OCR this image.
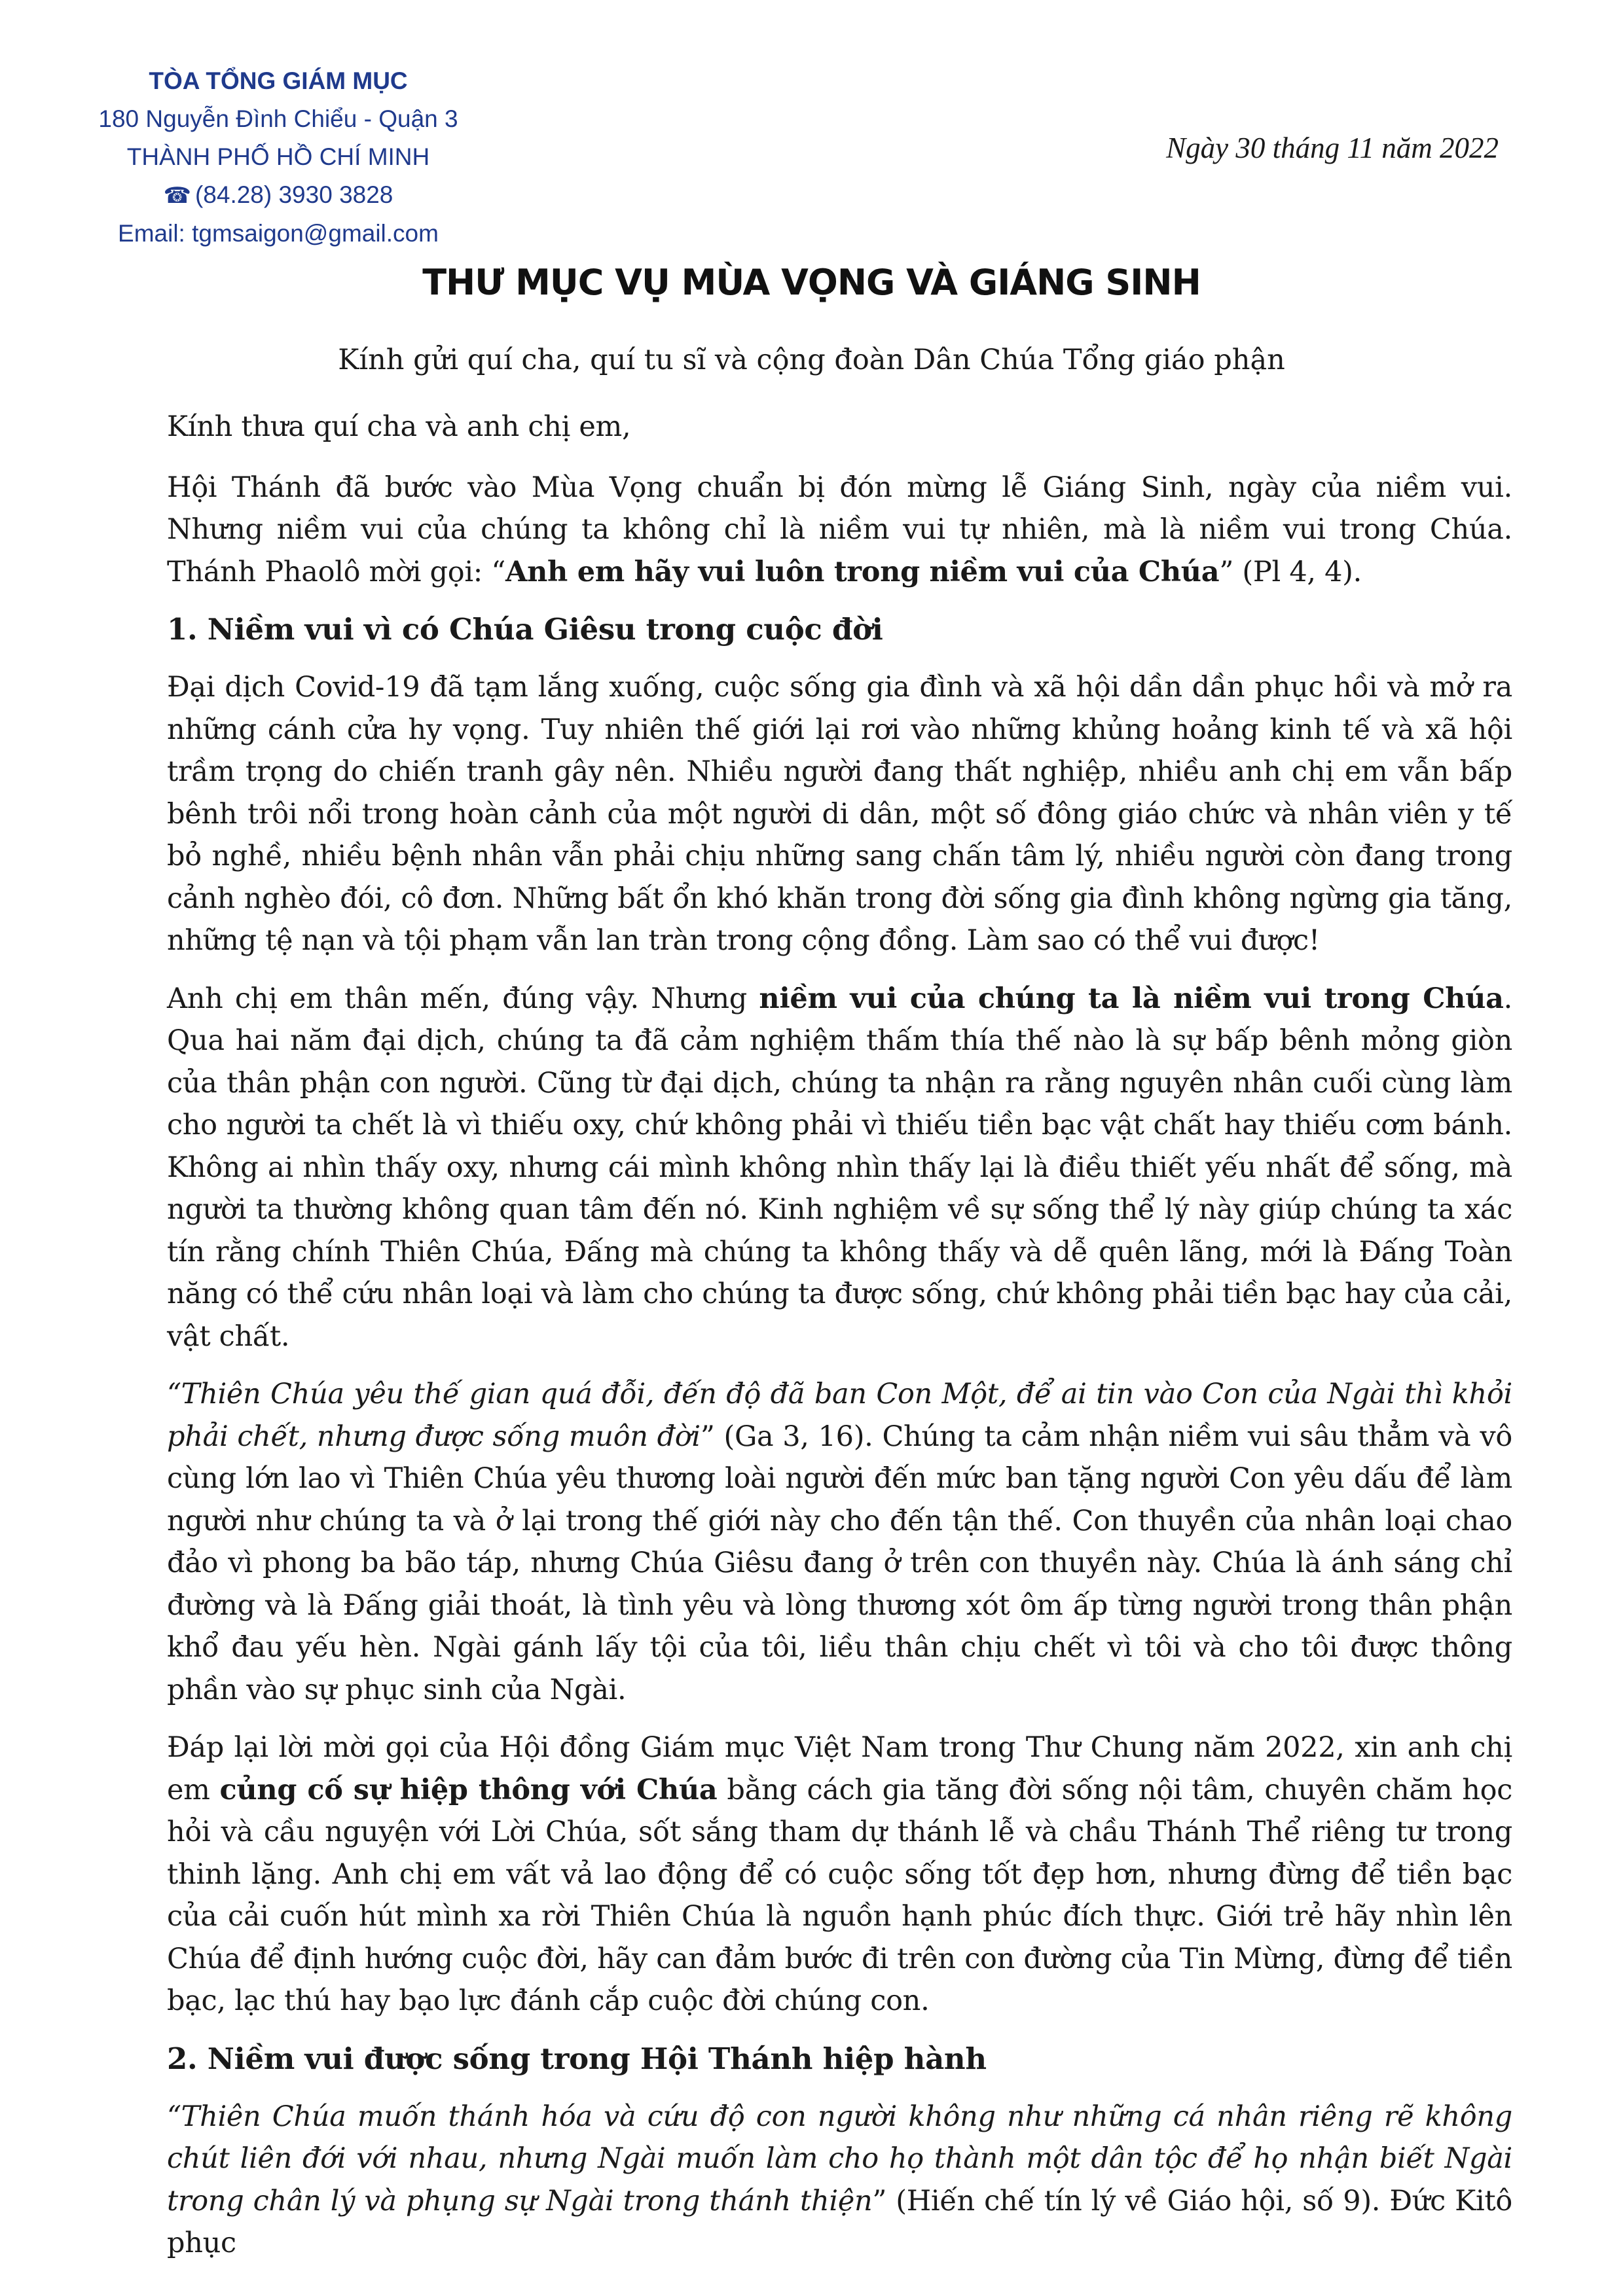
TÒA TỔNG GIÁM MỤC
180 Nguyễn Đình Chiểu - Quận 3
THÀNH PHỐ HỒ CHÍ MINH
☎ (84.28) 3930 3828
Email: tgmsaigon@gmail.com
Ngày 30 tháng 11 năm 2022
THƯ MỤC VỤ MÙA VỌNG VÀ GIÁNG SINH
Kính gửi quí cha, quí tu sĩ và cộng đoàn Dân Chúa Tổng giáo phận

Kính thưa quí cha và anh chị em,

Hội Thánh đã bước vào Mùa Vọng chuẩn bị đón mừng lễ Giáng Sinh, ngày của niềm vui. Nhưng niềm vui của chúng ta không chỉ là niềm vui tự nhiên, mà là niềm vui trong Chúa. Thánh Phaolô mời gọi: “Anh em hãy vui luôn trong niềm vui của Chúa” (Pl 4, 4).

1. Niềm vui vì có Chúa Giêsu trong cuộc đời

Đại dịch Covid-19 đã tạm lắng xuống, cuộc sống gia đình và xã hội dần dần phục hồi và mở ra những cánh cửa hy vọng. Tuy nhiên thế giới lại rơi vào những khủng hoảng kinh tế và xã hội trầm trọng do chiến tranh gây nên. Nhiều người đang thất nghiệp, nhiều anh chị em vẫn bấp bênh trôi nổi trong hoàn cảnh của một người di dân, một số đông giáo chức và nhân viên y tế bỏ nghề, nhiều bệnh nhân vẫn phải chịu những sang chấn tâm lý, nhiều người còn đang trong cảnh nghèo đói, cô đơn. Những bất ổn khó khăn trong đời sống gia đình không ngừng gia tăng, những tệ nạn và tội phạm vẫn lan tràn trong cộng đồng. Làm sao có thể vui được!

Anh chị em thân mến, đúng vậy. Nhưng niềm vui của chúng ta là niềm vui trong Chúa. Qua hai năm đại dịch, chúng ta đã cảm nghiệm thấm thía thế nào là sự bấp bênh mỏng giòn của thân phận con người. Cũng từ đại dịch, chúng ta nhận ra rằng nguyên nhân cuối cùng làm cho người ta chết là vì thiếu oxy, chứ không phải vì thiếu tiền bạc vật chất hay thiếu cơm bánh. Không ai nhìn thấy oxy, nhưng cái mình không nhìn thấy lại là điều thiết yếu nhất để sống, mà người ta thường không quan tâm đến nó. Kinh nghiệm về sự sống thể lý này giúp chúng ta xác tín rằng chính Thiên Chúa, Đấng mà chúng ta không thấy và dễ quên lãng, mới là Đấng Toàn năng có thể cứu nhân loại và làm cho chúng ta được sống, chứ không phải tiền bạc hay của cải, vật chất.

“Thiên Chúa yêu thế gian quá đỗi, đến độ đã ban Con Một, để ai tin vào Con của Ngài thì khỏi phải chết, nhưng được sống muôn đời” (Ga 3, 16). Chúng ta cảm nhận niềm vui sâu thẳm và vô cùng lớn lao vì Thiên Chúa yêu thương loài người đến mức ban tặng người Con yêu dấu để làm người như chúng ta và ở lại trong thế giới này cho đến tận thế. Con thuyền của nhân loại chao đảo vì phong ba bão táp, nhưng Chúa Giêsu đang ở trên con thuyền này. Chúa là ánh sáng chỉ đường và là Đấng giải thoát, là tình yêu và lòng thương xót ôm ấp từng người trong thân phận khổ đau yếu hèn. Ngài gánh lấy tội của tôi, liều thân chịu chết vì tôi và cho tôi được thông phần vào sự phục sinh của Ngài.

Đáp lại lời mời gọi của Hội đồng Giám mục Việt Nam trong Thư Chung năm 2022, xin anh chị em củng cố sự hiệp thông với Chúa bằng cách gia tăng đời sống nội tâm, chuyên chăm học hỏi và cầu nguyện với Lời Chúa, sốt sắng tham dự thánh lễ và chầu Thánh Thể riêng tư trong thinh lặng. Anh chị em vất vả lao động để có cuộc sống tốt đẹp hơn, nhưng đừng để tiền bạc của cải cuốn hút mình xa rời Thiên Chúa là nguồn hạnh phúc đích thực. Giới trẻ hãy nhìn lên Chúa để định hướng cuộc đời, hãy can đảm bước đi trên con đường của Tin Mừng, đừng để tiền bạc, lạc thú hay bạo lực đánh cắp cuộc đời chúng con.

2. Niềm vui được sống trong Hội Thánh hiệp hành

“Thiên Chúa muốn thánh hóa và cứu độ con người không như những cá nhân riêng rẽ không chút liên đới với nhau, nhưng Ngài muốn làm cho họ thành một dân tộc để họ nhận biết Ngài trong chân lý và phụng sự Ngài trong thánh thiện” (Hiến chế tín lý về Giáo hội, số 9). Đức Kitô phục
